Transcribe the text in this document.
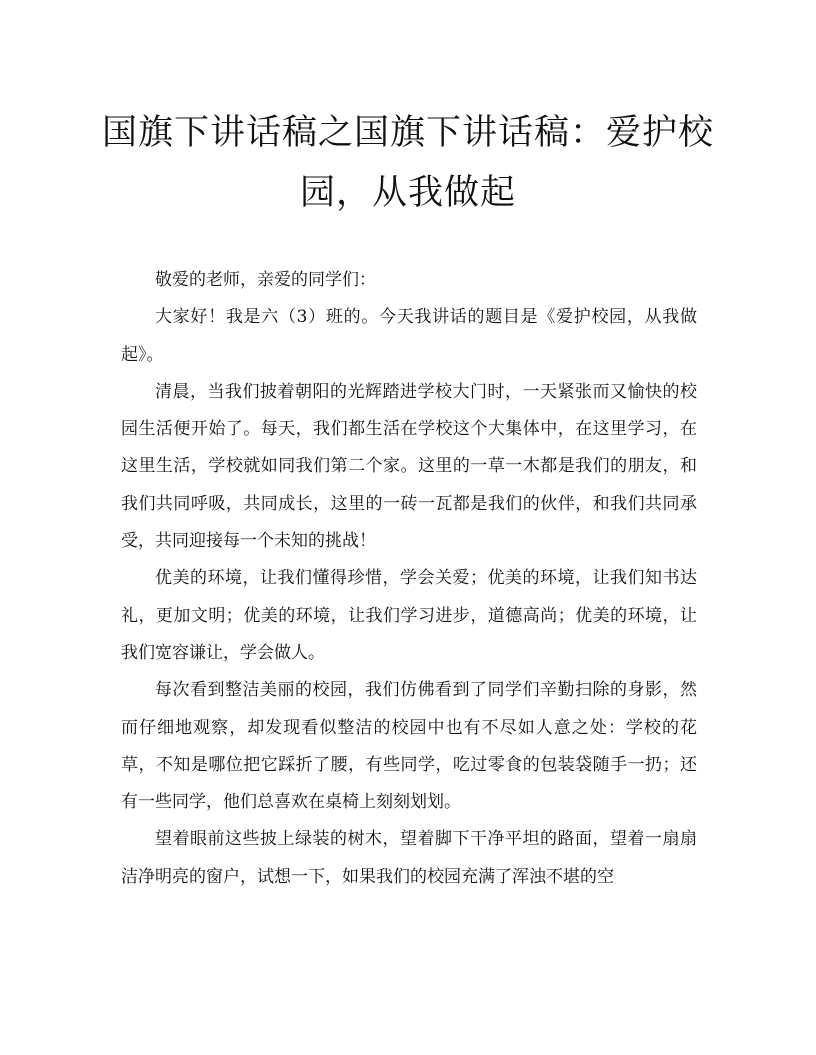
国旗下讲话稿之国旗下讲话稿：爱护校园，从我做起

敬爱的老师，亲爱的同学们：

大家好！我是六（3）班的。今天我讲话的题目是《爱护校园，从我做起》。

清晨，当我们披着朝阳的光辉踏进学校大门时，一天紧张而又愉快的校园生活便开始了。每天，我们都生活在学校这个大集体中，在这里学习，在这里生活，学校就如同我们第二个家。这里的一草一木都是我们的朋友，和我们共同呼吸，共同成长，这里的一砖一瓦都是我们的伙伴，和我们共同承受，共同迎接每一个未知的挑战！

优美的环境，让我们懂得珍惜，学会关爱；优美的环境，让我们知书达礼，更加文明；优美的环境，让我们学习进步，道德高尚；优美的环境，让我们宽容谦让，学会做人。

每次看到整洁美丽的校园，我们仿佛看到了同学们辛勤扫除的身影，然而仔细地观察，却发现看似整洁的校园中也有不尽如人意之处：学校的花草，不知是哪位把它踩折了腰，有些同学，吃过零食的包装袋随手一扔；还有一些同学，他们总喜欢在桌椅上刻刻划划。

望着眼前这些披上绿装的树木，望着脚下干净平坦的路面，望着一扇扇洁净明亮的窗户，试想一下，如果我们的校园充满了浑浊不堪的空
